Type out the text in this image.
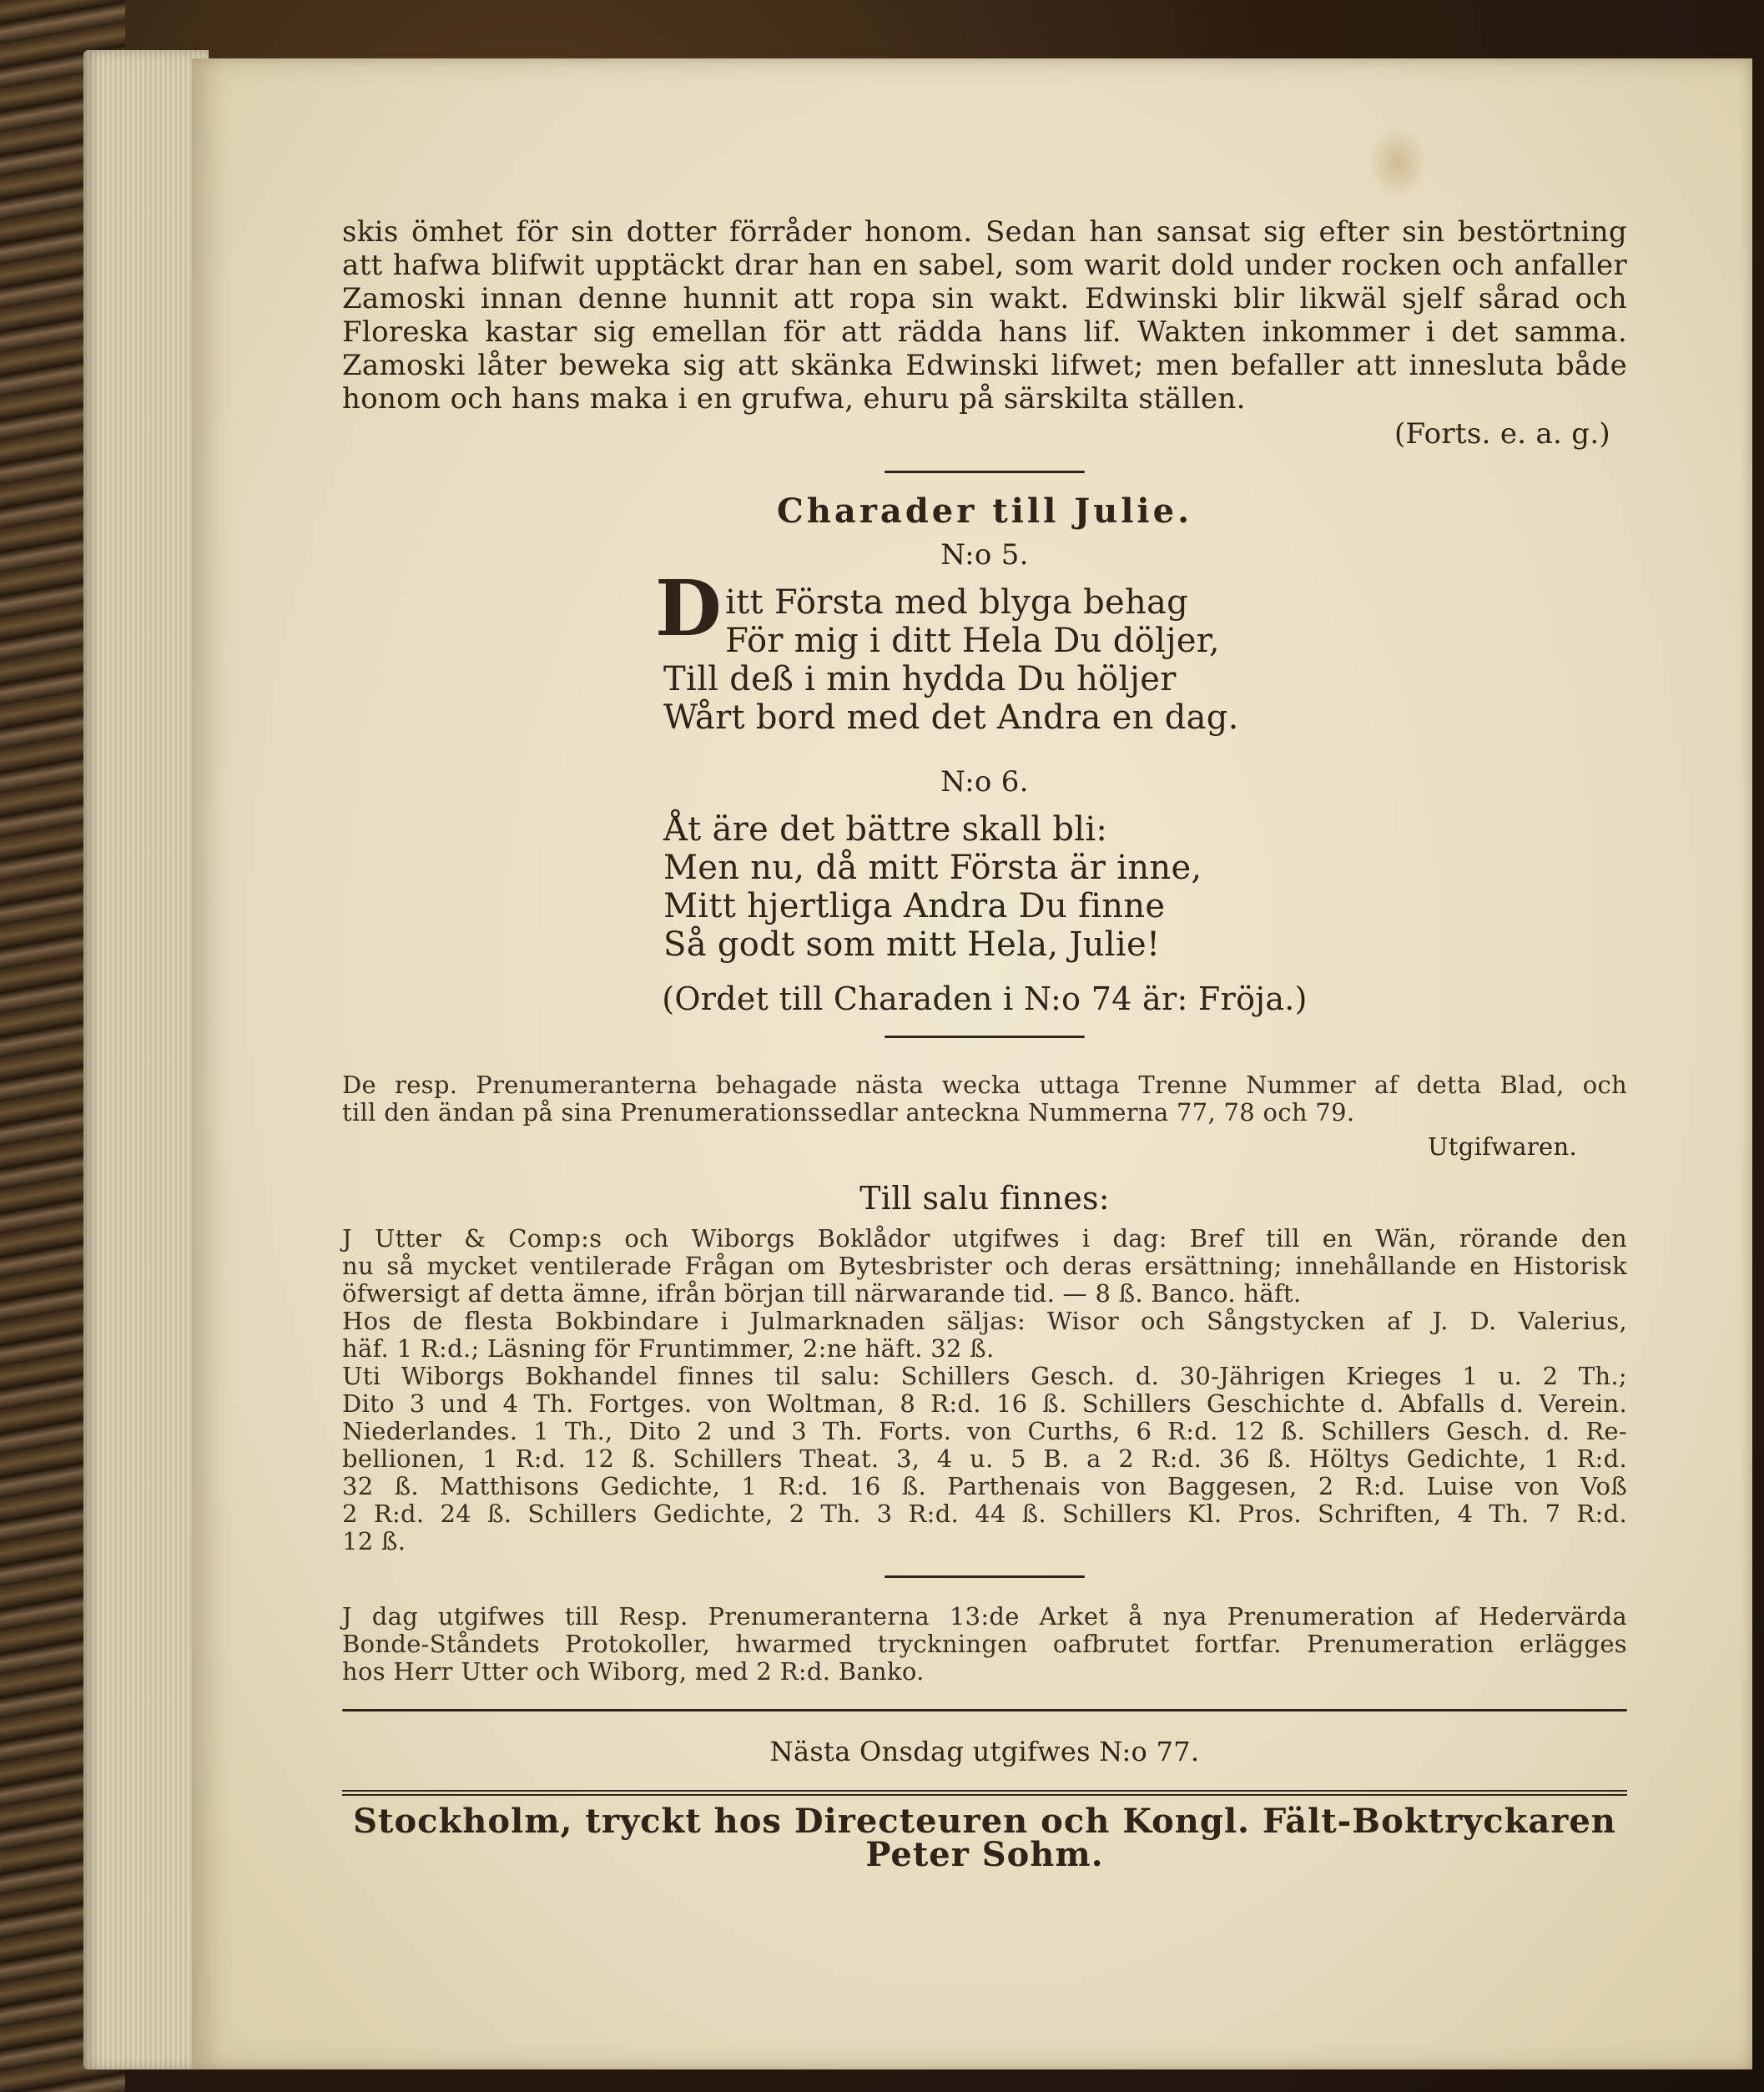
skis ömhet för sin dotter förråder honom. Sedan han sansat sig efter sin bestörtning
att hafwa blifwit upptäckt drar han en sabel, som warit dold under rocken och anfaller
Zamoski innan denne hunnit att ropa sin wakt. Edwinski blir likwäl sjelf sårad och
Floreska kastar sig emellan för att rädda hans lif. Wakten inkommer i det samma.
Zamoski låter beweka sig att skänka Edwinski lifwet; men befaller att innesluta både
honom och hans maka i en grufwa, ehuru på särskilta ställen.
(Forts. e. a. g.)
Charader till Julie.
N:o 5.
D itt Första med blyga behag
För mig i ditt Hela Du döljer,
Till deß i min hydda Du höljer
Wårt bord med det Andra en dag.
N:o 6.
Åt äre det bättre skall bli:
Men nu, då mitt Första är inne,
Mitt hjertliga Andra Du finne
Så godt som mitt Hela, Julie!
(Ordet till Charaden i N:o 74 är: Fröja.)
De resp. Prenumeranterna behagade nästa wecka uttaga Trenne Nummer af detta Blad, och
till den ändan på sina Prenumerationssedlar anteckna Nummerna 77, 78 och 79.
Utgifwaren.
Till salu finnes:
J Utter & Comp:s och Wiborgs Boklådor utgifwes i dag: Bref till en Wän, rörande den
nu så mycket ventilerade Frågan om Bytesbrister och deras ersättning; innehållande en Historisk
öfwersigt af detta ämne, ifrån början till närwarande tid. — 8 ß. Banco. häft.
Hos de flesta Bokbindare i Julmarknaden säljas: Wisor och Sångstycken af J. D. Valerius,
häf. 1 R:d.; Läsning för Fruntimmer, 2:ne häft. 32 ß.
Uti Wiborgs Bokhandel finnes til salu: Schillers Gesch. d. 30-Jährigen Krieges 1 u. 2 Th.;
Dito 3 und 4 Th. Fortges. von Woltman, 8 R:d. 16 ß. Schillers Geschichte d. Abfalls d. Verein.
Niederlandes. 1 Th., Dito 2 und 3 Th. Forts. von Curths, 6 R:d. 12 ß. Schillers Gesch. d. Re-
bellionen, 1 R:d. 12 ß. Schillers Theat. 3, 4 u. 5 B. a 2 R:d. 36 ß. Höltys Gedichte, 1 R:d.
32 ß. Matthisons Gedichte, 1 R:d. 16 ß. Parthenais von Baggesen, 2 R:d. Luise von Voß
2 R:d. 24 ß. Schillers Gedichte, 2 Th. 3 R:d. 44 ß. Schillers Kl. Pros. Schriften, 4 Th. 7 R:d.
12 ß.
J dag utgifwes till Resp. Prenumeranterna 13:de Arket å nya Prenumeration af Hedervärda
Bonde-Ståndets Protokoller, hwarmed tryckningen oafbrutet fortfar. Prenumeration erlägges
hos Herr Utter och Wiborg, med 2 R:d. Banko.
Nästa Onsdag utgifwes N:o 77.
Stockholm, tryckt hos Directeuren och Kongl. Fält-Boktryckaren Peter Sohm.
